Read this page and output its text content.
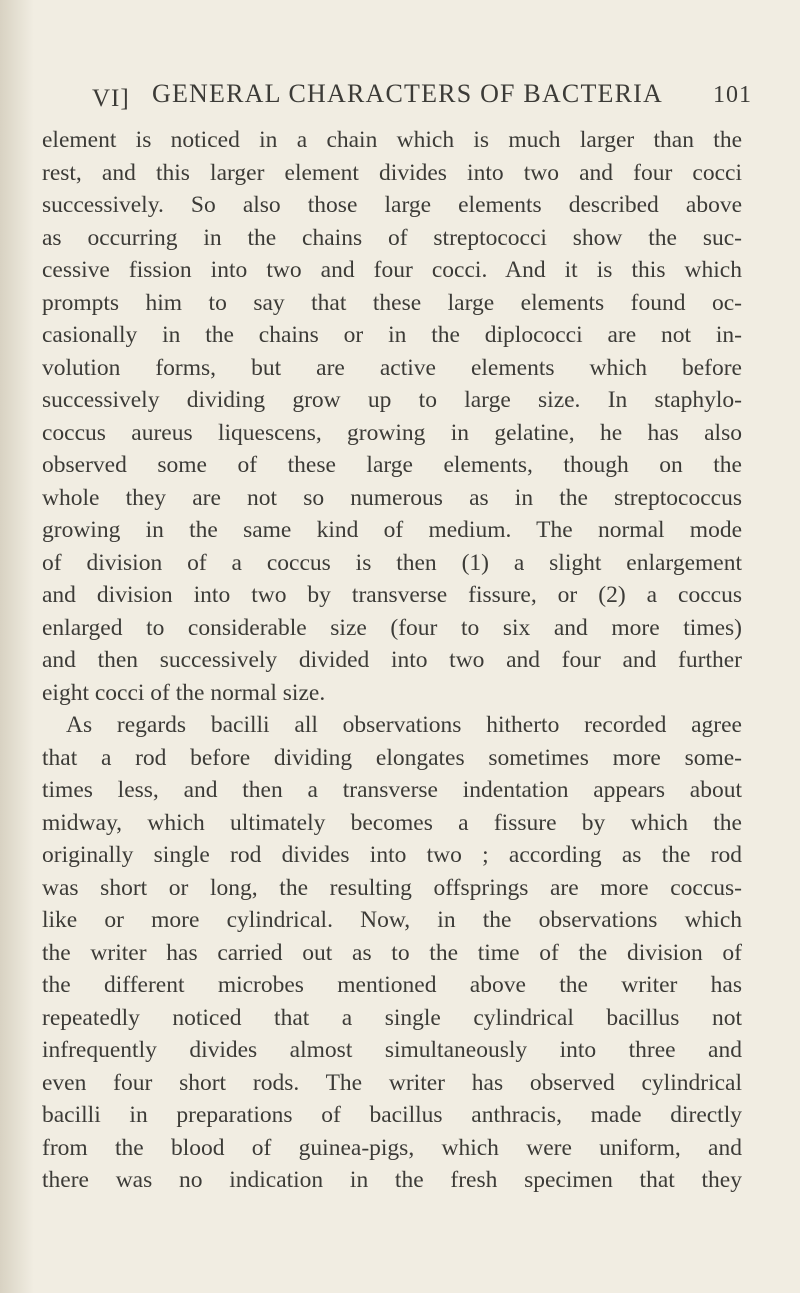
VI] GENERAL CHARACTERS OF BACTERIA 101
element is noticed in a chain which is much larger than the
rest, and this larger element divides into two and four cocci
successively. So also those large elements described above
as occurring in the chains of streptococci show the suc-
cessive fission into two and four cocci. And it is this which
prompts him to say that these large elements found oc-
casionally in the chains or in the diplococci are not in-
volution forms, but are active elements which before
successively dividing grow up to large size. In staphylo-
coccus aureus liquescens, growing in gelatine, he has also
observed some of these large elements, though on the
whole they are not so numerous as in the streptococcus
growing in the same kind of medium. The normal mode
of division of a coccus is then (1) a slight enlargement
and division into two by transverse fissure, or (2) a coccus
enlarged to considerable size (four to six and more times)
and then successively divided into two and four and further
eight cocci of the normal size.
As regards bacilli all observations hitherto recorded agree
that a rod before dividing elongates sometimes more some-
times less, and then a transverse indentation appears about
midway, which ultimately becomes a fissure by which the
originally single rod divides into two ; according as the rod
was short or long, the resulting offsprings are more coccus-
like or more cylindrical. Now, in the observations which
the writer has carried out as to the time of the division of
the different microbes mentioned above the writer has
repeatedly noticed that a single cylindrical bacillus not
infrequently divides almost simultaneously into three and
even four short rods. The writer has observed cylindrical
bacilli in preparations of bacillus anthracis, made directly
from the blood of guinea-pigs, which were uniform, and
there was no indication in the fresh specimen that they
